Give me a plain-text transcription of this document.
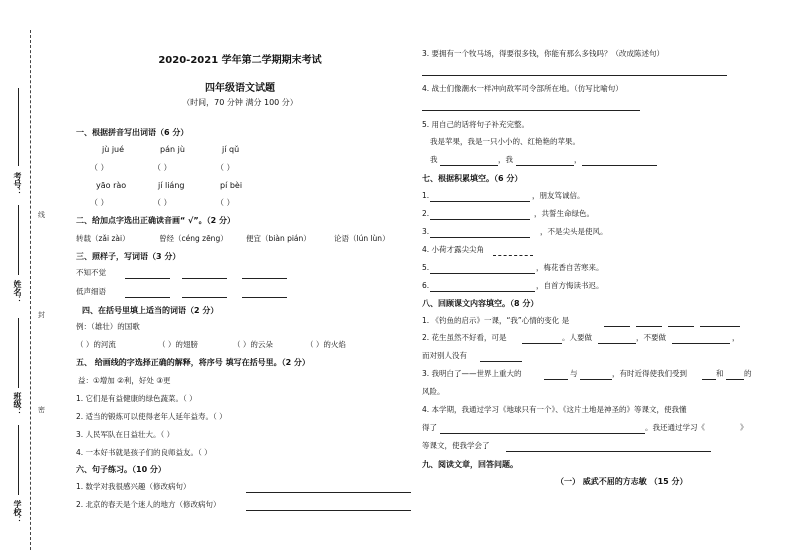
考号：
姓名：
班级：
学校：
线
封
密
2020-2021 学年第二学期期末考试
四年级语文试题
（时间，70 分钟 满分 100 分）
一、根据拼音写出词语（6 分）
jù jué	pán jù	jí qǔ
（ ）	（ ）	（ ）
yāo rào	jí liáng	pí bèi
（ ）	（ ）	（ ）
二、给加点字选出正确读音画“ √”。（2 分）
转载（zǎi zài）	曾经（céng zēng） 便宜（biàn pián）	论语（lún lùn）
三、照样子，写词语（3 分）
不知不觉
低声细语
四、在括号里填上适当的词语（2 分）
例：（雄壮）的国歌
（ ）的河流	（ ）的翅膀	（ ）的云朵	（ ）的火焰
五、 给画线的字选择正确的解释，将序号 填写在括号里。（2 分）
益：①增加 ②利，好处 ③更
1. 它们是有益健康的绿色蔬菜。（ ）
2. 适当的锻炼可以使得老年人延年益寿。（ ）
3. 人民军队在日益壮大。（ ）
4. 一本好书就是孩子们的良师益友。（ ）
六、句子练习。（10 分）
1. 数学对我很感兴趣（修改病句）
2. 北京的春天是个迷人的地方（修改病句）
3. 要拥有一个牧马场，得要很多钱，你能有那么多钱吗？（改成陈述句）
4. 战士们像潮水一样冲向敌军司令部所在地。（仿写比喻句）
5. 用自己的话将句子补充完整。
我是苹果，我是一只小小的、红艳艳的苹果。
我	，我	，
七、根据积累填空。（6 分）
1.	，朋友笃诚信。
2.	，共誓生命绿色。
3.	，不是尖头是使风。
4. 小荷才露尖尖角
5.	，梅花香自苦寒来。
6.	，自首方悔读书迟。
八、回顾课文内容填空。（8 分）
1. 《钓鱼的启示》一课，“我”心情的变化 是
2. 花生虽然不好看，可是	。人要做	，不要做	，
而对别人没有
3. 我明白了——世界上重大的	与	，有时近得使我们受到	和	的
风险。
4. 本学期，我通过学习《地球只有一个》、《这片土地是神圣的》等课文，使我懂
得了	。我还通过学习《	》
等课文，使我学会了
九、阅读文章，回答问题。
（一） 威武不屈的方志敏 （15 分）
